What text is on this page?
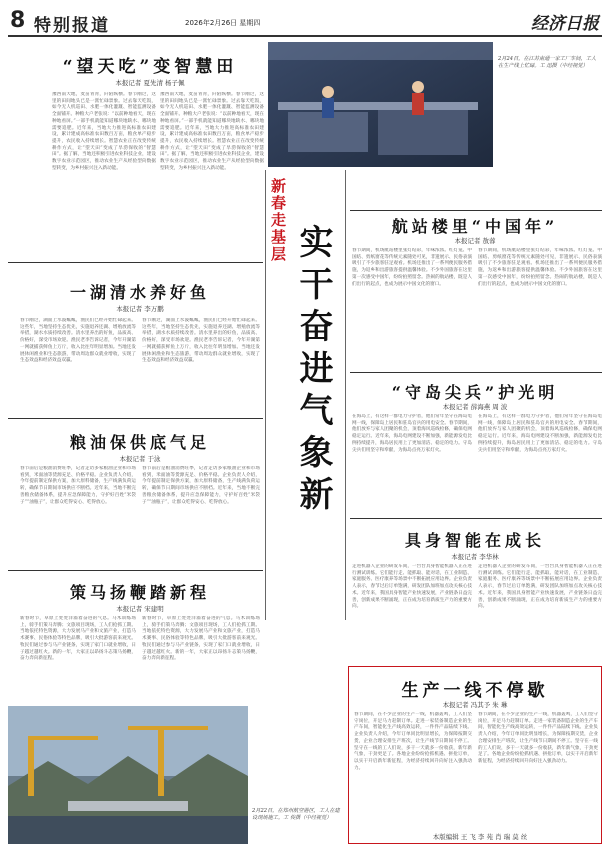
8 特别报道	2026年2月26日 星期四	经济日报
“望天吃”变智慧田
本报记者 夏先清 杨子佩
豫西南大地，麦苗青青，阡陌纵横。春节刚过，这里的田间地头已是一派忙碌景象。过去靠天吃饭，如今无人机巡田、水肥一体化灌溉、智能监测设备全面铺开。种粮大户老张说：“以前种地看天，现在种地看屏。”一部手机就能知道哪块地缺水、哪块地需要追肥。近年来，当地大力推进高标准农田建设，累计建成高标准农田数百万亩，粮食单产稳步提升，农民收入持续增长。智慧农业正在改变传统耕作方式，让“望天田”变成了旱涝保收的“智慧田”。据了解，当地还积极引进农业科技企业，建设数字农业示范园区，推动农业生产从经验型向数据型转变，为乡村振兴注入新动能。
豫西南大地，麦苗青青，阡陌纵横。春节刚过，这里的田间地头已是一派忙碌景象。过去靠天吃饭，如今无人机巡田、水肥一体化灌溉、智能监测设备全面铺开。种粮大户老张说：“以前种地看天，现在种地看屏。”一部手机就能知道哪块地缺水、哪块地需要追肥。近年来，当地大力推进高标准农田建设，累计建成高标准农田数百万亩，粮食单产稳步提升，农民收入持续增长。智慧农业正在改变传统耕作方式，让“望天田”变成了旱涝保收的“智慧田”。据了解，当地还积极引进农业科技企业，建设数字农业示范园区，推动农业生产从经验型向数据型转变，为乡村振兴注入新动能。
2月24日，在江苏南通一家工厂车间，工人在生产线上忙碌。工 迅摄（中经视觉）
新春走基层
实干奋进气象新
一湖清水养好鱼
本报记者 李万鹏
春节刚过，湖面上水波粼粼，渔民们已经开始忙碌起来。这些年，当地坚持生态优先，实施退养还湖、增殖放流等举措，湖水水质持续改善。清水里养出的好鱼，品质高、价格好，深受市场欢迎。渔民老李告诉记者，今年开湖第一网就捕获鲜鱼上万斤，收入比往年明显增加。当地还发展休闲渔业和生态旅游，带动周边群众就业增收，实现了生态效益和经济效益双赢。
春节刚过，湖面上水波粼粼，渔民们已经开始忙碌起来。这些年，当地坚持生态优先，实施退养还湖、增殖放流等举措，湖水水质持续改善。清水里养出的好鱼，品质高、价格好，深受市场欢迎。渔民老李告诉记者，今年开湖第一网就捕获鲜鱼上万斤，收入比往年明显增加。当地还发展休闲渔业和生态旅游，带动周边群众就业增收，实现了生态效益和经济效益双赢。
粮油保供底气足
本报记者 于泳
春节前后是粮油消费旺季，记者走访多家粮油企业和市场看到，米面油等货源充足、价格平稳。企业负责人介绍，今年提前制定保供方案，加大原料储备，生产线满负荷运转，确保节日期间市场供应不断档。近年来，当地不断完善粮食储备体系，提升应急保障能力，守护好百姓“米袋子”“油瓶子”，让群众吃得安心、吃得放心。
春节前后是粮油消费旺季，记者走访多家粮油企业和市场看到，米面油等货源充足、价格平稳。企业负责人介绍，今年提前制定保供方案，加大原料储备，生产线满负荷运转，确保节日期间市场供应不断档。近年来，当地不断完善粮食储备体系，提升应急保障能力，守护好百姓“米袋子”“油瓶子”，让群众吃得安心、吃得放心。
策马扬鞭踏新程
本报记者 宋建明
新春时节，草原上处处洋溢着奋进的气息。马术训练场上，骑手们策马奔腾；文旅项目现场，工人们抢抓工期。当地依托特色资源，大力发展马产业和文旅产业，打造马术赛事、民俗体验等特色品牌，吸引大批游客前来观光。牧民们通过参与马产业链条，实现了家门口就业增收，日子越过越红火。新的一年，大家正以昂扬斗志策马扬鞭，奋力奔向新征程。
新春时节，草原上处处洋溢着奋进的气息。马术训练场上，骑手们策马奔腾；文旅项目现场，工人们抢抓工期。当地依托特色资源，大力发展马产业和文旅产业，打造马术赛事、民俗体验等特色品牌，吸引大批游客前来观光。牧民们通过参与马产业链条，实现了家门口就业增收，日子越过越红火。新的一年，大家正以昂扬斗志策马扬鞭，奋力奔向新征程。
2月22日，在郑州航空港区，工人在建设现场施工。工 俊摄（中经视觉）
航站楼里“中国年”
本报记者 敖蓉
春节期间，机场航站楼里张灯结彩，年味浓浓。红灯笼、中国结、剪纸窗花等传统元素随处可见，非遗展示、民俗表演吸引了不少旅客驻足观看。机场还推出了一系列便民服务措施，为返乡和出游旅客提供温馨体验。不少外国旅客在这里第一次感受中国年，纷纷拍照留念。热闹的航站楼，既是人们出行的起点，也成为展示中国文化的窗口。
春节期间，机场航站楼里张灯结彩，年味浓浓。红灯笼、中国结、剪纸窗花等传统元素随处可见，非遗展示、民俗表演吸引了不少旅客驻足观看。机场还推出了一系列便民服务措施，为返乡和出游旅客提供温馨体验。不少外国旅客在这里第一次感受中国年，纷纷拍照留念。热闹的航站楼，既是人们出行的起点，也成为展示中国文化的窗口。
“守岛尖兵”护光明
本报记者 薛海燕 周 波
在海岛上，有这样一群电力守护者，他们常年坚守在海岛电网一线，保障岛上居民和驻岛官兵的用电安全。春节期间，他们放弃与家人团聚的机会，顶着海风巡线检修，确保电网稳定运行。近年来，海岛电网建设不断加强，新能源发电比例持续提升，海岛居民用上了更加清洁、稳定的电力。守岛尖兵们用坚守和奉献，为海岛点亮万家灯火。
在海岛上，有这样一群电力守护者，他们常年坚守在海岛电网一线，保障岛上居民和驻岛官兵的用电安全。春节期间，他们放弃与家人团聚的机会，顶着海风巡线检修，确保电网稳定运行。近年来，海岛电网建设不断加强，新能源发电比例持续提升，海岛居民用上了更加清洁、稳定的电力。守岛尖兵们用坚守和奉献，为海岛点亮万家灯火。
具身智能在成长
本报记者 李华林
走进机器人企业的研发车间，一台台具身智能机器人正在进行测试训练。它们能行走、能抓取、能对话，在工业制造、家庭服务、医疗康养等场景中不断拓展应用边界。企业负责人表示，春节过后订单饱满，研发团队加班加点攻关核心技术。近年来，我国具身智能产业快速发展，产业链条日益完善，创新成果不断涌现，正在成为培育新质生产力的重要方向。
走进机器人企业的研发车间，一台台具身智能机器人正在进行测试训练。它们能行走、能抓取、能对话，在工业制造、家庭服务、医疗康养等场景中不断拓展应用边界。企业负责人表示，春节过后订单饱满，研发团队加班加点攻关核心技术。近年来，我国具身智能产业快速发展，产业链条日益完善，创新成果不断涌现，正在成为培育新质生产力的重要方向。
生产一线不停歇
本报记者 冯其予 朱 琳
春节期间，在不少企业的生产一线，机器轰鸣，工人们坚守岗位，开足马力赶制订单。走进一家装备制造企业的生产车间，智能化生产线高效运转，一件件产品陆续下线。企业负责人介绍，今年订单同比明显增长，为保障按期交货，企业合理安排生产班次，让生产线节日期间不停工。坚守在一线的工人们说，多干一天就多一份收获，新年新气象，干劲更足了。各地企业纷纷抢抓机遇、拼抢订单，以实干开启新年新征程，为经济持续回升向好注入强劲动力。
春节期间，在不少企业的生产一线，机器轰鸣，工人们坚守岗位，开足马力赶制订单。走进一家装备制造企业的生产车间，智能化生产线高效运转，一件件产品陆续下线。企业负责人介绍，今年订单同比明显增长，为保障按期交货，企业合理安排生产班次，让生产线节日期间不停工。坚守在一线的工人们说，多干一天就多一份收获，新年新气象，干劲更足了。各地企业纷纷抢抓机遇、拼抢订单，以实干开启新年新征程，为经济持续回升向好注入强劲动力。
本版编辑 王 飞 李 苑 肖 瑞 莫 丝
